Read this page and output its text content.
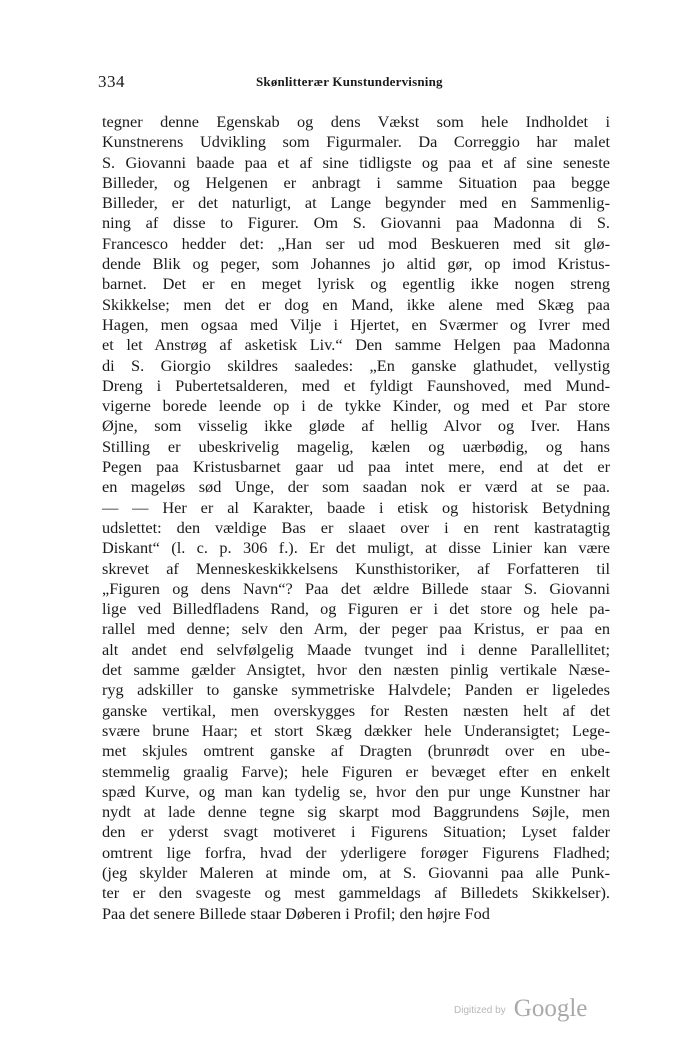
334	Skønlitterær Kunstundervisning
tegner denne Egenskab og dens Vækst som hele Indholdet i
Kunstnerens Udvikling som Figurmaler. Da Correggio har malet
S. Giovanni baade paa et af sine tidligste og paa et af sine seneste
Billeder, og Helgenen er anbragt i samme Situation paa begge
Billeder, er det naturligt, at Lange begynder med en Sammenlig-
ning af disse to Figurer. Om S. Giovanni paa Madonna di S.
Francesco hedder det: „Han ser ud mod Beskueren med sit glø-
dende Blik og peger, som Johannes jo altid gør, op imod Kristus-
barnet. Det er en meget lyrisk og egentlig ikke nogen streng
Skikkelse; men det er dog en Mand, ikke alene med Skæg paa
Hagen, men ogsaa med Vilje i Hjertet, en Sværmer og Ivrer med
et let Anstrøg af asketisk Liv.“ Den samme Helgen paa Madonna
di S. Giorgio skildres saaledes: „En ganske glathudet, vellystig
Dreng i Pubertetsalderen, med et fyldigt Faunshoved, med Mund-
vigerne borede leende op i de tykke Kinder, og med et Par store
Øjne, som visselig ikke gløde af hellig Alvor og Iver. Hans
Stilling er ubeskrivelig magelig, kælen og uærbødig, og hans
Pegen paa Kristusbarnet gaar ud paa intet mere, end at det er
en mageløs sød Unge, der som saadan nok er værd at se paa.
— — Her er al Karakter, baade i etisk og historisk Betydning
udslettet: den vældige Bas er slaaet over i en rent kastratagtig
Diskant“ (l. c. p. 306 f.). Er det muligt, at disse Linier kan være
skrevet af Menneskeskikkelsens Kunsthistoriker, af Forfatteren til
„Figuren og dens Navn“? Paa det ældre Billede staar S. Giovanni
lige ved Billedfladens Rand, og Figuren er i det store og hele pa-
rallel med denne; selv den Arm, der peger paa Kristus, er paa en
alt andet end selvfølgelig Maade tvunget ind i denne Parallellitet;
det samme gælder Ansigtet, hvor den næsten pinlig vertikale Næse-
ryg adskiller to ganske symmetriske Halvdele; Panden er ligeledes
ganske vertikal, men overskygges for Resten næsten helt af det
svære brune Haar; et stort Skæg dækker hele Underansigtet; Lege-
met skjules omtrent ganske af Dragten (brunrødt over en ube-
stemmelig graalig Farve); hele Figuren er bevæget efter en enkelt
spæd Kurve, og man kan tydelig se, hvor den pur unge Kunstner har
nydt at lade denne tegne sig skarpt mod Baggrundens Søjle, men
den er yderst svagt motiveret i Figurens Situation; Lyset falder
omtrent lige forfra, hvad der yderligere forøger Figurens Fladhed;
(jeg skylder Maleren at minde om, at S. Giovanni paa alle Punk-
ter er den svageste og mest gammeldags af Billedets Skikkelser).
Paa det senere Billede staar Døberen i Profil; den højre Fod
Digitized by Google
